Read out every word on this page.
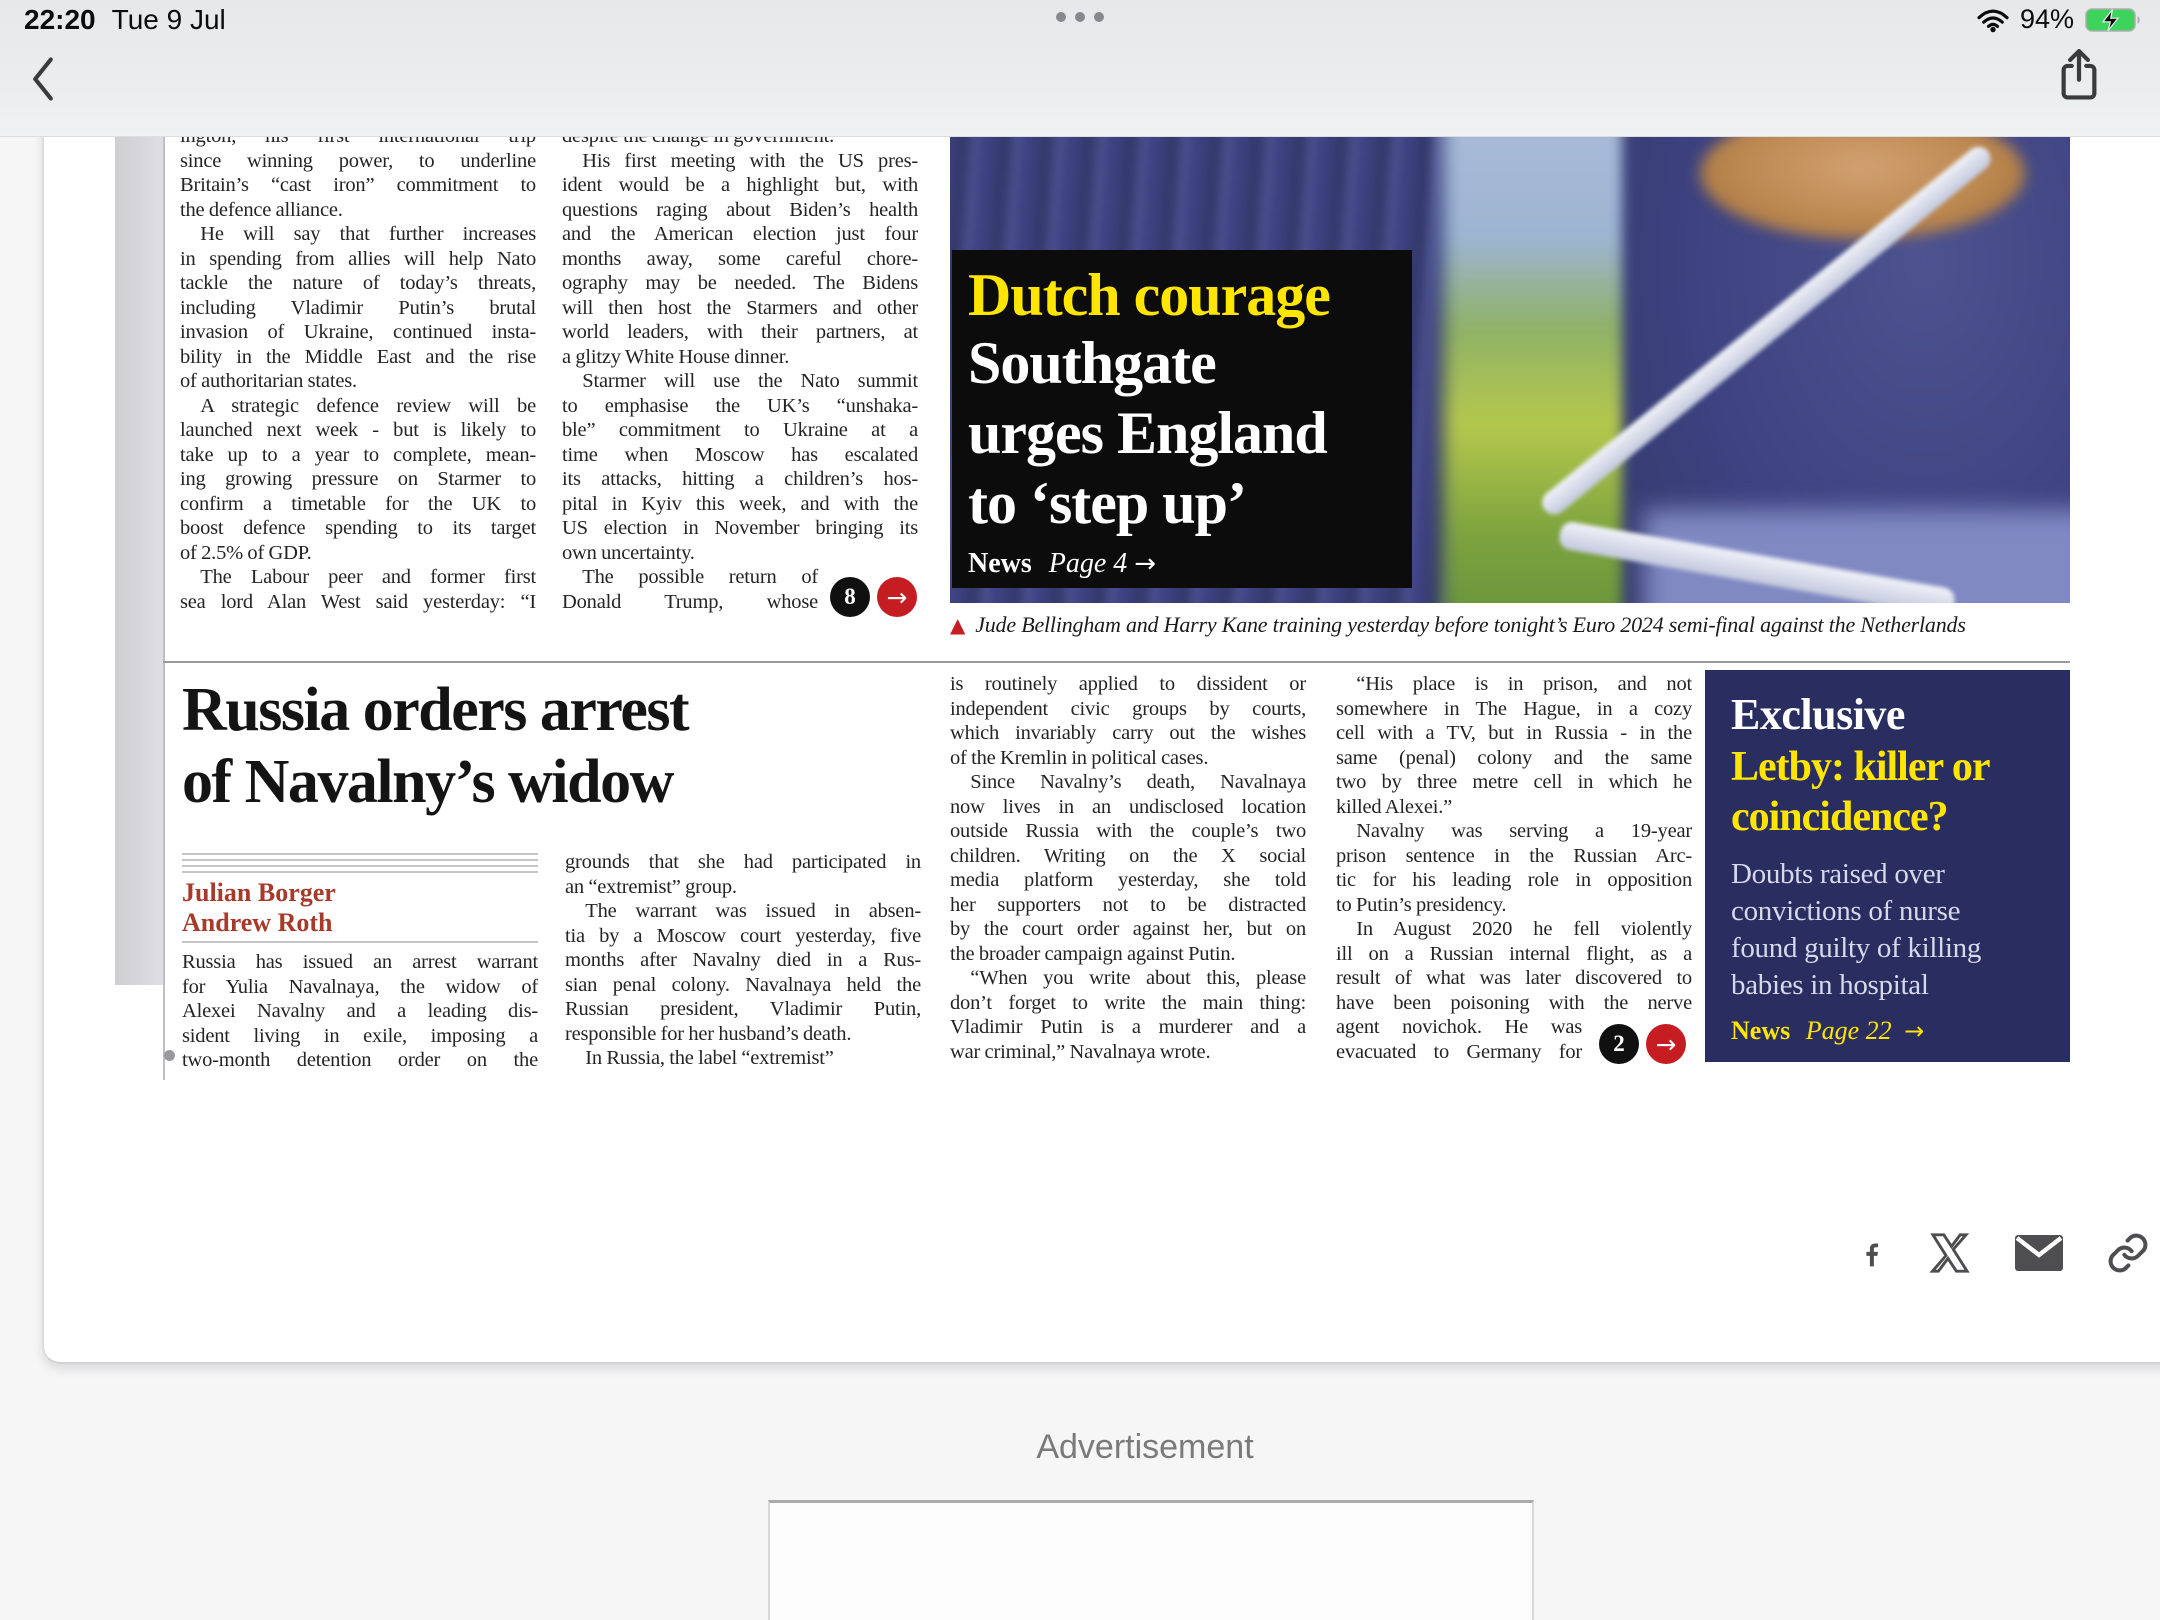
since winning power, to underline
Britain’s “cast iron” commitment to
the defence alliance.
 He will say that further increases
in spending from allies will help Nato
tackle the nature of today’s threats,
including Vladimir Putin’s brutal
invasion of Ukraine, continued insta-
bility in the Middle East and the rise
of authoritarian states.
 A strategic defence review will be
launched next week - but is likely to
take up to a year to complete, mean-
ing growing pressure on Starmer to
confirm a timetable for the UK to
boost defence spending to its target
of 2.5% of GDP.
 The Labour peer and former first
sea lord Alan West said yesterday: “I
 His first meeting with the US pres-
ident would be a highlight but, with
questions raging about Biden’s health
and the American election just four
months away, some careful chore-
ography may be needed. The Bidens
will then host the Starmers and other
world leaders, with their partners, at
a glitzy White House dinner.
 Starmer will use the Nato summit
to emphasise the UK’s “unshaka-
ble” commitment to Ukraine at a
time when Moscow has escalated
its attacks, hitting a children’s hos-
pital in Kyiv this week, and with the
US election in November bringing its
own uncertainty.
 The possible return of
Donald Trump, whose	8	→
Dutch courage
Southgate
urges England
to ‘step up’
News Page 4 →
▲ Jude Bellingham and Harry Kane training yesterday before tonight’s Euro 2024 semi-final against the Netherlands
Russia orders arrest
of Navalny’s widow
Julian Borger
Andrew Roth
Russia has issued an arrest warrant
for Yulia Navalnaya, the widow of
Alexei Navalny and a leading dis-
sident living in exile, imposing a
two-month detention order on the
grounds that she had participated in
an “extremist” group.
 The warrant was issued in absen-
tia by a Moscow court yesterday, five
months after Navalny died in a Rus-
sian penal colony. Navalnaya held the
Russian president, Vladimir Putin,
responsible for her husband’s death.
 In Russia, the label “extremist”
is routinely applied to dissident or
independent civic groups by courts,
which invariably carry out the wishes
of the Kremlin in political cases.
 Since Navalny’s death, Navalnaya
now lives in an undisclosed location
outside Russia with the couple’s two
children. Writing on the X social
media platform yesterday, she told
her supporters not to be distracted
by the court order against her, but on
the broader campaign against Putin.
 “When you write about this, please
don’t forget to write the main thing:
Vladimir Putin is a murderer and a
war criminal,” Navalnaya wrote.
 “His place is in prison, and not
somewhere in The Hague, in a cozy
cell with a TV, but in Russia - in the
same (penal) colony and the same
two by three metre cell in which he
killed Alexei.”
 Navalny was serving a 19-year
prison sentence in the Russian Arc-
tic for his leading role in opposition
to Putin’s presidency.
 In August 2020 he fell violently
ill on a Russian internal flight, as a
result of what was later discovered to
have been poisoning with the nerve
agent novichok. He was
evacuated to Germany for	2	→
Exclusive
Letby: killer or
coincidence?
Doubts raised over
convictions of nurse
found guilty of killing
babies in hospital
News Page 22 →
Advertisement
22:20 Tue 9 Jul	94%
